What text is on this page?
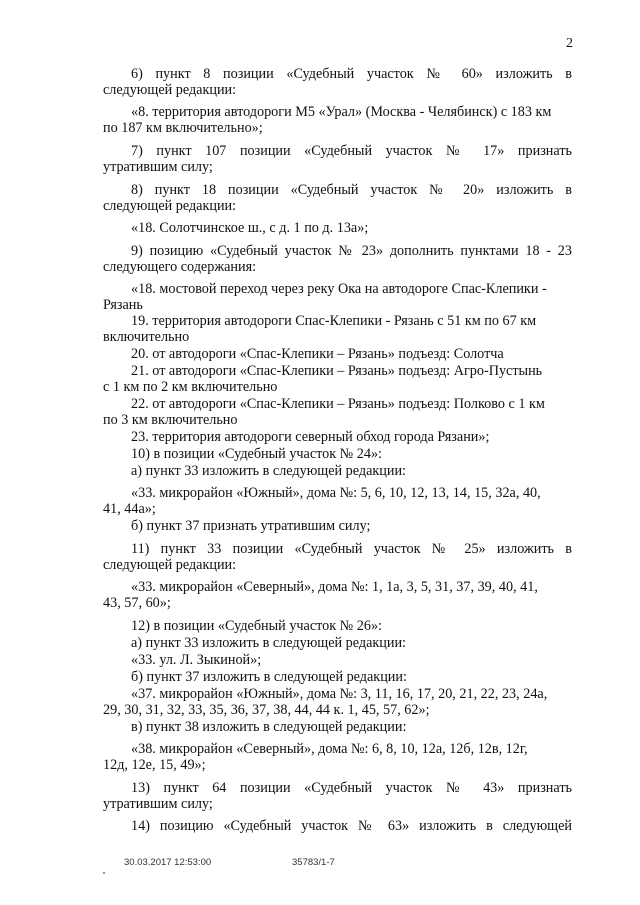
2
6) пункт 8 позиции «Судебный участок № 60» изложить в
следующей редакции:
«8. территория автодороги М5 «Урал» (Москва - Челябинск) с 183 км
по 187 км включительно»;
7) пункт 107 позиции «Судебный участок № 17» признать
утратившим силу;
8) пункт 18 позиции «Судебный участок № 20» изложить в
следующей редакции:
«18. Солотчинское ш., с д. 1 по д. 13а»;
9) позицию «Судебный участок № 23» дополнить пунктами 18 - 23
следующего содержания:
«18. мостовой переход через реку Ока на автодороге Спас-Клепики -
Рязань
19. территория автодороги Спас-Клепики - Рязань с 51 км по 67 км
включительно
20. от автодороги «Спас-Клепики – Рязань» подъезд: Солотча
21. от автодороги «Спас-Клепики – Рязань» подъезд: Агро-Пустынь
с 1 км по 2 км включительно
22. от автодороги «Спас-Клепики – Рязань» подъезд: Полково с 1 км
по 3 км включительно
23. территория автодороги северный обход города Рязани»;
10) в позиции «Судебный участок № 24»:
а) пункт 33 изложить в следующей редакции:
«33. микрорайон «Южный», дома №: 5, 6, 10, 12, 13, 14, 15, 32а, 40,
41, 44а»;
б) пункт 37 признать утратившим силу;
11) пункт 33 позиции «Судебный участок № 25» изложить в
следующей редакции:
«33. микрорайон «Северный», дома №: 1, 1а, 3, 5, 31, 37, 39, 40, 41,
43, 57, 60»;
12) в позиции «Судебный участок № 26»:
а) пункт 33 изложить в следующей редакции:
«33. ул. Л. Зыкиной»;
б) пункт 37 изложить в следующей редакции:
«37. микрорайон «Южный», дома №: 3, 11, 16, 17, 20, 21, 22, 23, 24а,
29, 30, 31, 32, 33, 35, 36, 37, 38, 44, 44 к. 1, 45, 57, 62»;
в) пункт 38 изложить в следующей редакции:
«38. микрорайон «Северный», дома №: 6, 8, 10, 12а, 12б, 12в, 12г,
12д, 12е, 15, 49»;
13) пункт 64 позиции «Судебный участок № 43» признать
утратившим силу;
14) позицию «Судебный участок № 63» изложить в следующей
30.03.2017 12:53:00	35783/1-7
